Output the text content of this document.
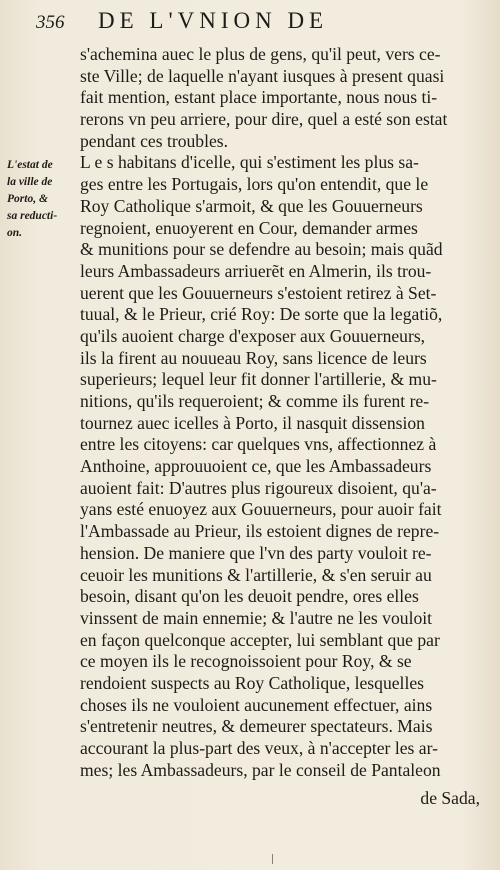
356 DE L'VNION DE
L'estat de
la ville de
Porto, &
sa reducti-
on.
s'achemina auec le plus de gens, qu'il peut, vers ce-
ste Ville; de laquelle n'ayant iusques à present quasi
fait mention, estant place importante, nous nous ti-
rerons vn peu arriere, pour dire, quel a esté son estat
pendant ces troubles.
L e s habitans d'icelle, qui s'estiment les plus sa-
ges entre les Portugais, lors qu'on entendit, que le
Roy Catholique s'armoit, & que les Gouuerneurs
regnoient, enuoyerent en Cour, demander armes
& munitions pour se defendre au besoin; mais quãd
leurs Ambassadeurs arriuerẽt en Almerin, ils trou-
uerent que les Gouuerneurs s'estoient retirez à Set-
tuual, & le Prieur, crié Roy: De sorte que la legatiõ,
qu'ils auoient charge d'exposer aux Gouuerneurs,
ils la firent au nouueau Roy, sans licence de leurs
superieurs; lequel leur fit donner l'artillerie, & mu-
nitions, qu'ils requeroient; & comme ils furent re-
tournez auec icelles à Porto, il nasquit dissension
entre les citoyens: car quelques vns, affectionnez à
Anthoine, approuuoient ce, que les Ambassadeurs
auoient fait: D'autres plus rigoureux disoient, qu'a-
yans esté enuoyez aux Gouuerneurs, pour auoir fait
l'Ambassade au Prieur, ils estoient dignes de repre-
hension. De maniere que l'vn des party vouloit re-
ceuoir les munitions & l'artillerie, & s'en seruir au
besoin, disant qu'on les deuoit pendre, ores elles
vinssent de main ennemie; & l'autre ne les vouloit
en façon quelconque accepter, lui semblant que par
ce moyen ils le recognoissoient pour Roy, & se
rendoient suspects au Roy Catholique, lesquelles
choses ils ne vouloient aucunement effectuer, ains
s'entretenir neutres, & demeurer spectateurs. Mais
accourant la plus-part des veux, à n'accepter les ar-
mes; les Ambassadeurs, par le conseil de Pantaleon
de Sada,
